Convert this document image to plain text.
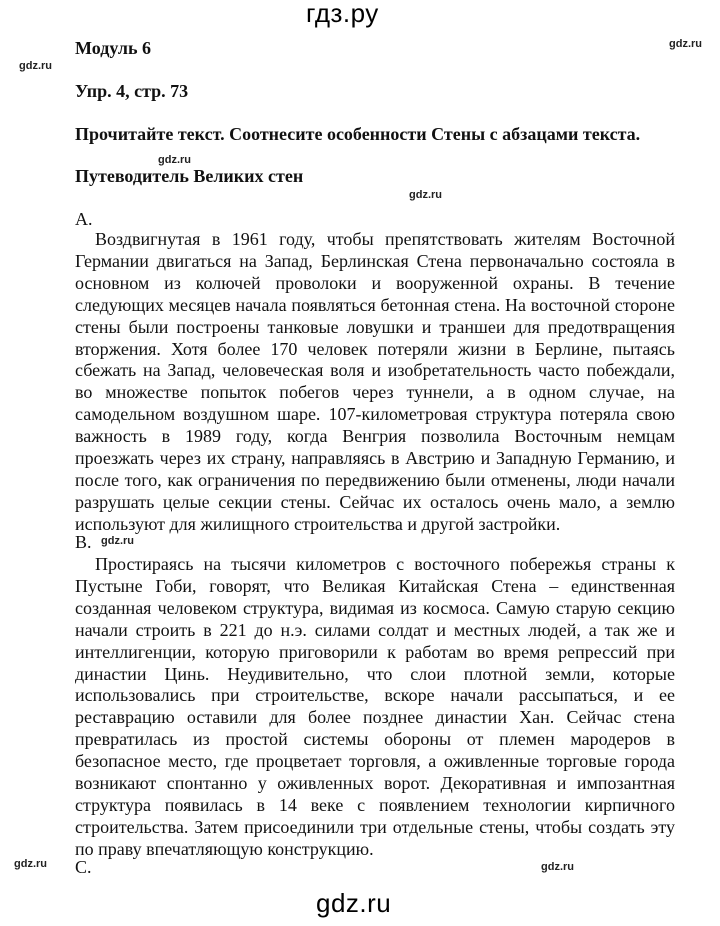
гдз.ру
gdz.ru
gdz.ru
gdz.ru
gdz.ru
gdz.ru
gdz.ru	gdz.ru
gdz.ru
Модуль 6
Упр. 4, стр. 73
Прочитайте текст. Соотнесите особенности Стены с абзацами текста.
Путеводитель Великих стен
A.

Воздвигнутая в 1961 году, чтобы препятствовать жителям Восточной Германии двигаться на Запад, Берлинская Стена первоначально состояла в основном из колючей проволоки и вооруженной охраны. В течение следующих месяцев начала появляться бетонная стена. На восточной стороне стены были построены танковые ловушки и траншеи для предотвращения вторжения. Хотя более 170 человек потеряли жизни в Берлине, пытаясь сбежать на Запад, человеческая воля и изобретательность часто побеждали, во множестве попыток побегов через туннели, а в одном случае, на самодельном воздушном шаре. 107-километровая структура потеряла свою важность в 1989 году, когда Венгрия позволила Восточным немцам проезжать через их страну, направляясь в Австрию и Западную Германию, и после того, как ограничения по передвижению были отменены, люди начали разрушать целые секции стены. Сейчас их осталось очень мало, а землю используют для жилищного строительства и другой застройки.

B.

Простираясь на тысячи километров с восточного побережья страны к Пустыне Гоби, говорят, что Великая Китайская Стена – единственная созданная человеком структура, видимая из космоса. Самую старую секцию начали строить в 221 до н.э. силами солдат и местных людей, а так же и интеллигенции, которую приговорили к работам во время репрессий при династии Цинь. Неудивительно, что слои плотной земли, которые использовались при строительстве, вскоре начали рассыпаться, и ее реставрацию оставили для более позднее династии Хан. Сейчас стена превратилась из простой системы обороны от племен мародеров в безопасное место, где процветает торговля, а оживленные торговые города возникают спонтанно у оживленных ворот. Декоративная и импозантная структура появилась в 14 веке с появлением технологии кирпичного строительства. Затем присоединили три отдельные стены, чтобы создать эту по праву впечатляющую конструкцию.

C.
